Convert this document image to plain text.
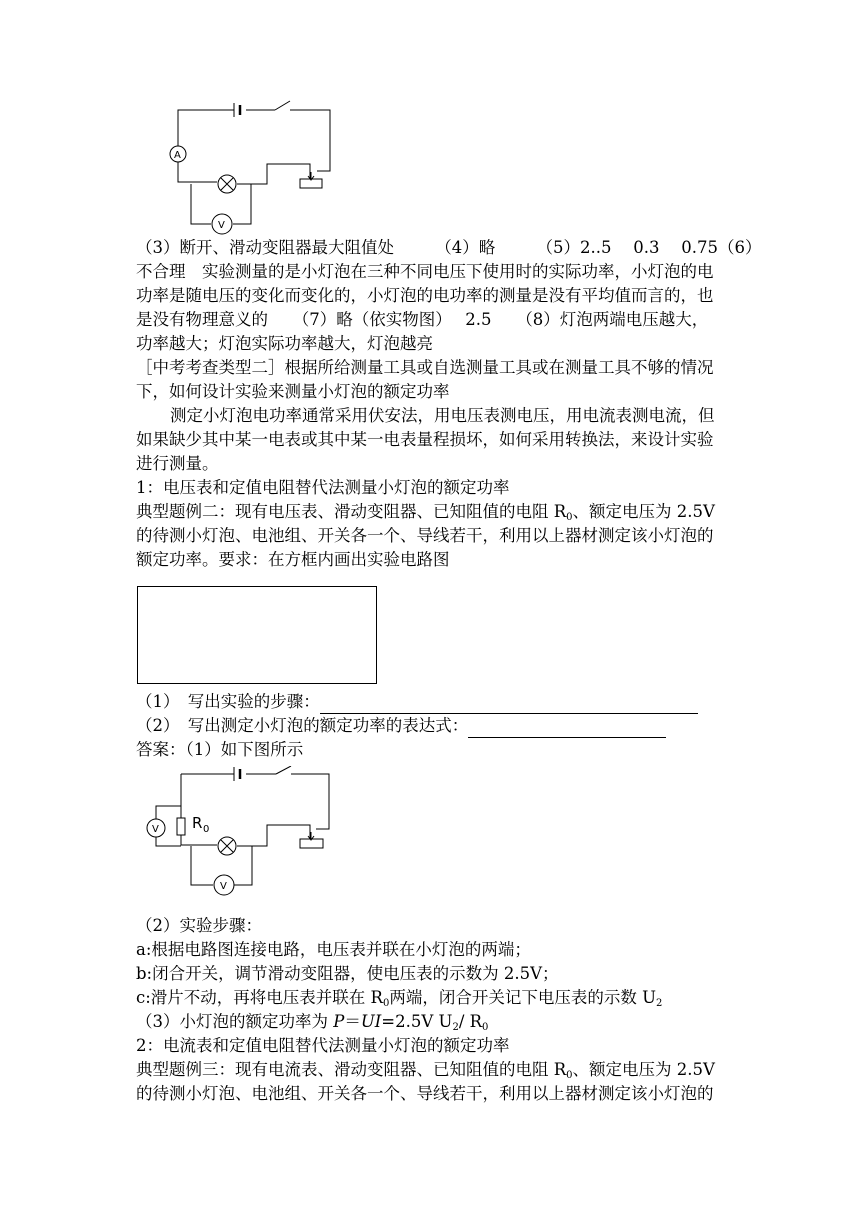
A
V
（3）断开、滑动变阻器最大阻值处　　　（4）略　　　（5）2..5　 0.3　 0.75（6）
不合理　实验测量的是小灯泡在三种不同电压下使用时的实际功率，小灯泡的电
功率是随电压的变化而变化的，小灯泡的电功率的测量是没有平均值而言的，也
是没有物理意义的　　（7）略（依实物图）　 2.5　　（8）灯泡两端电压越大，
功率越大；灯泡实际功率越大，灯泡越亮
［中考考查类型二］根据所给测量工具或自选测量工具或在测量工具不够的情况
下，如何设计实验来测量小灯泡的额定功率
测定小灯泡电功率通常采用伏安法，用电压表测电压，用电流表测电流，但
如果缺少其中某一电表或其中某一电表量程损坏，如何采用转换法，来设计实验
进行测量。
1：电压表和定值电阻替代法测量小灯泡的额定功率
典型题例二：现有电压表、滑动变阻器、已知阻值的电阻 $R_0$、额定电压为 2.5V
的待测小灯泡、电池组、开关各一个、导线若干，利用以上器材测定该小灯泡的
额定功率。要求：在方框内画出实验电路图
（1）　写出实验的步骤：
（2）　写出测定小灯泡的额定功率的表达式：
答案：（1）如下图所示
R 0
V
V
（2）实验步骤：
a:根据电路图连接电路，电压表并联在小灯泡的两端；
b:闭合开关，调节滑动变阻器，使电压表的示数为 2.5V；
c:滑片不动，再将电压表并联在 $R_0$两端，闭合开关记下电压表的示数 $U_2$
（3）小灯泡的额定功率为 P＝UI=2.5V $U_2/$ $R_0$
2：电流表和定值电阻替代法测量小灯泡的额定功率
典型题例三：现有电流表、滑动变阻器、已知阻值的电阻 $R_0$、额定电压为 2.5V
的待测小灯泡、电池组、开关各一个、导线若干，利用以上器材测定该小灯泡的
